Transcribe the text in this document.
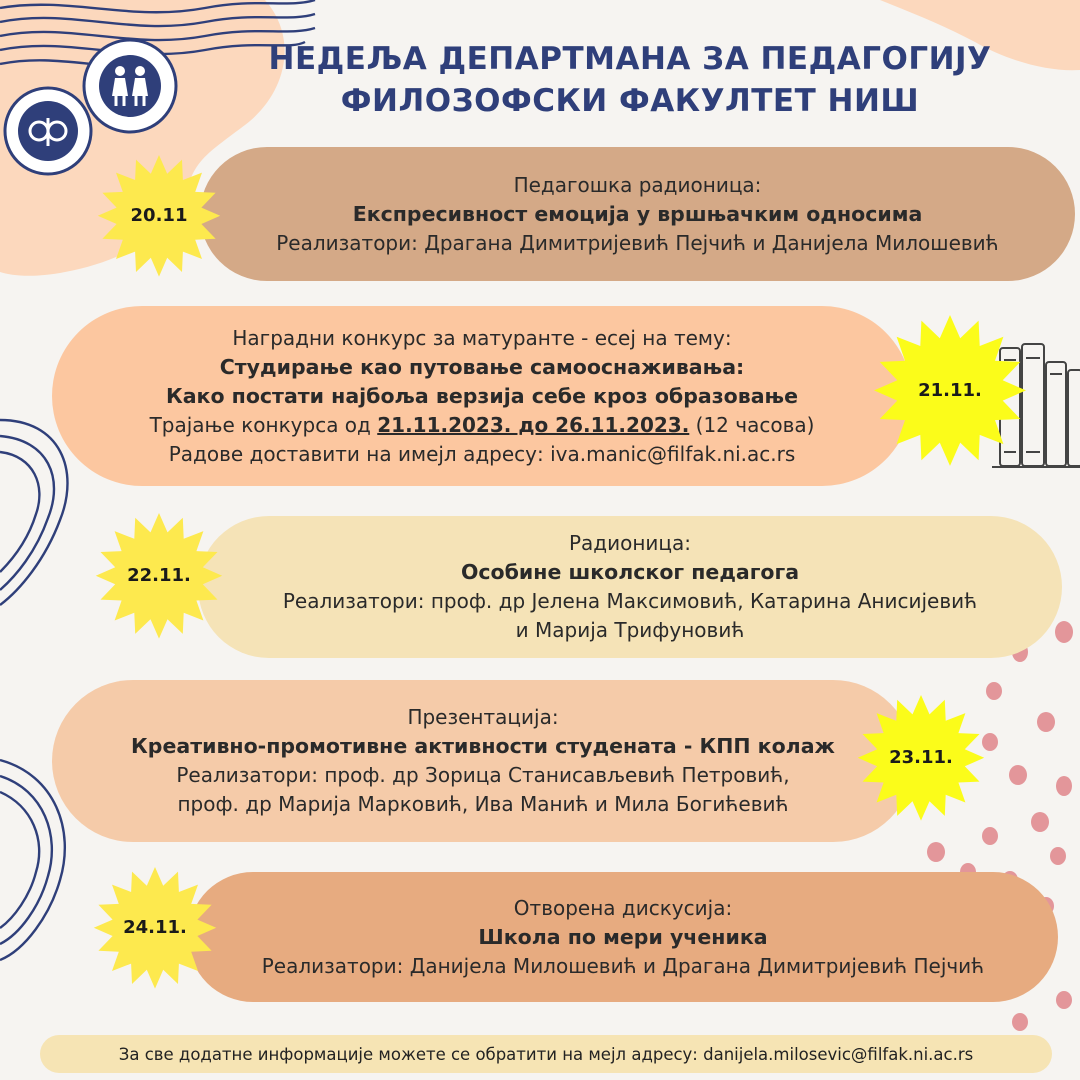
НЕДЕЉА ДЕПАРТМАНА ЗА ПЕДАГОГИЈУ
ФИЛОЗОФСКИ ФАКУЛТЕТ НИШ
Педагошка радионица:
Експресивност емоција у вршњачким односима
Реализатори: Драгана Димитријевић Пејчић и Данијела Милошевић
20.11
Наградни конкурс за матуранте - есеј на тему:
Студирање као путовање самооснаживања:
Како постати најбоља верзија себе кроз образовање
Трајање конкурса од 21.11.2023. до 26.11.2023. (12 часова)
Радове доставити на имејл адресу: iva.manic@filfak.ni.ac.rs
21.11.
Радионица:
Особине школског педагога
Реализатори: проф. др Јелена Максимовић, Катарина Анисијевић
и Марија Трифуновић
22.11.
Презентација:
Креативно-промотивне активности студената - КПП колаж
Реализатори: проф. др Зорица Станисављевић Петровић,
проф. др Марија Марковић, Ива Манић и Мила Богићевић
23.11.
Отворена дискусија:
Школа по мери ученика
Реализатори: Данијела Милошевић и Драгана Димитријевић Пејчић
24.11.
За све додатне информације можете се обратити на мејл адресу: danijela.milosevic@filfak.ni.ac.rs
